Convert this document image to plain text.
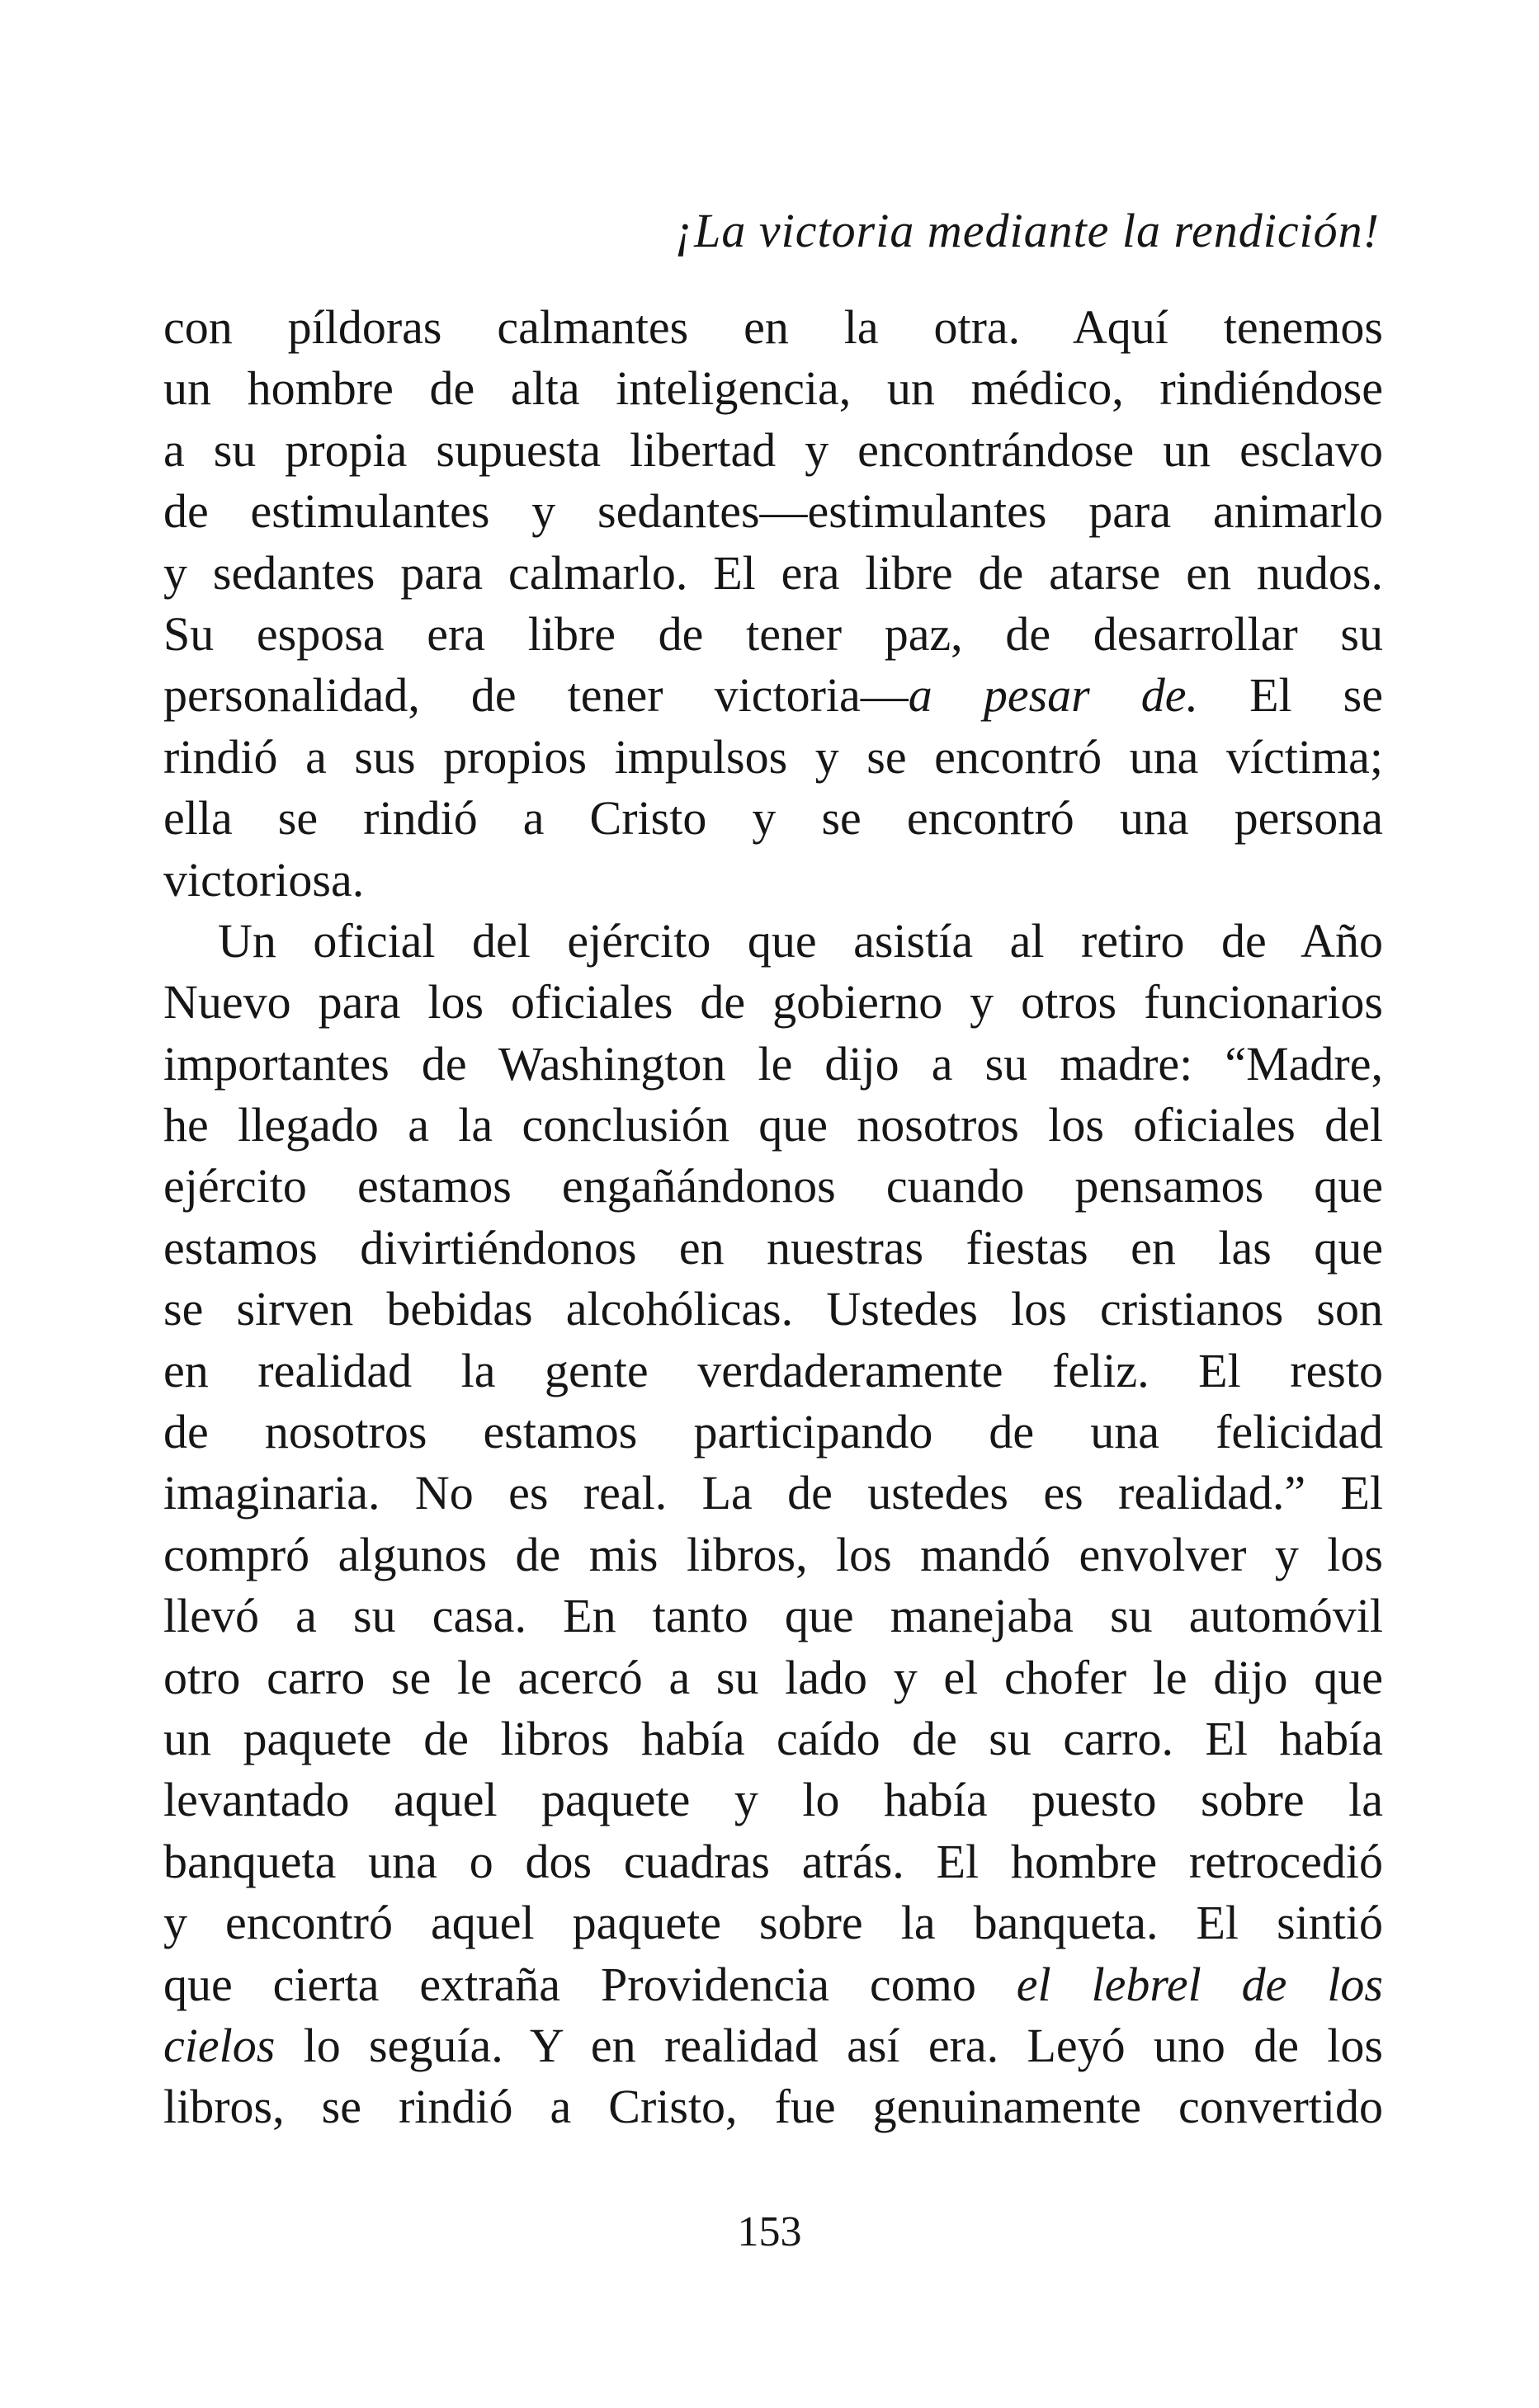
¡La victoria mediante la rendición!
con píldoras calmantes en la otra. Aquí tenemos
un hombre de alta inteligencia, un médico, rindiéndose
a su propia supuesta libertad y encontrándose un esclavo
de estimulantes y sedantes—estimulantes para animarlo
y sedantes para calmarlo. El era libre de atarse en nudos.
Su esposa era libre de tener paz, de desarrollar su
personalidad, de tener victoria—a pesar de. El se
rindió a sus propios impulsos y se encontró una víctima;
ella se rindió a Cristo y se encontró una persona
victoriosa.
Un oficial del ejército que asistía al retiro de Año
Nuevo para los oficiales de gobierno y otros funcionarios
importantes de Washington le dijo a su madre: “Madre,
he llegado a la conclusión que nosotros los oficiales del
ejército estamos engañándonos cuando pensamos que
estamos divirtiéndonos en nuestras fiestas en las que
se sirven bebidas alcohólicas. Ustedes los cristianos son
en realidad la gente verdaderamente feliz. El resto
de nosotros estamos participando de una felicidad
imaginaria. No es real. La de ustedes es realidad.” El
compró algunos de mis libros, los mandó envolver y los
llevó a su casa. En tanto que manejaba su automóvil
otro carro se le acercó a su lado y el chofer le dijo que
un paquete de libros había caído de su carro. El había
levantado aquel paquete y lo había puesto sobre la
banqueta una o dos cuadras atrás. El hombre retrocedió
y encontró aquel paquete sobre la banqueta. El sintió
que cierta extraña Providencia como el lebrel de los
cielos lo seguía. Y en realidad así era. Leyó uno de los
libros, se rindió a Cristo, fue genuinamente convertido
153
